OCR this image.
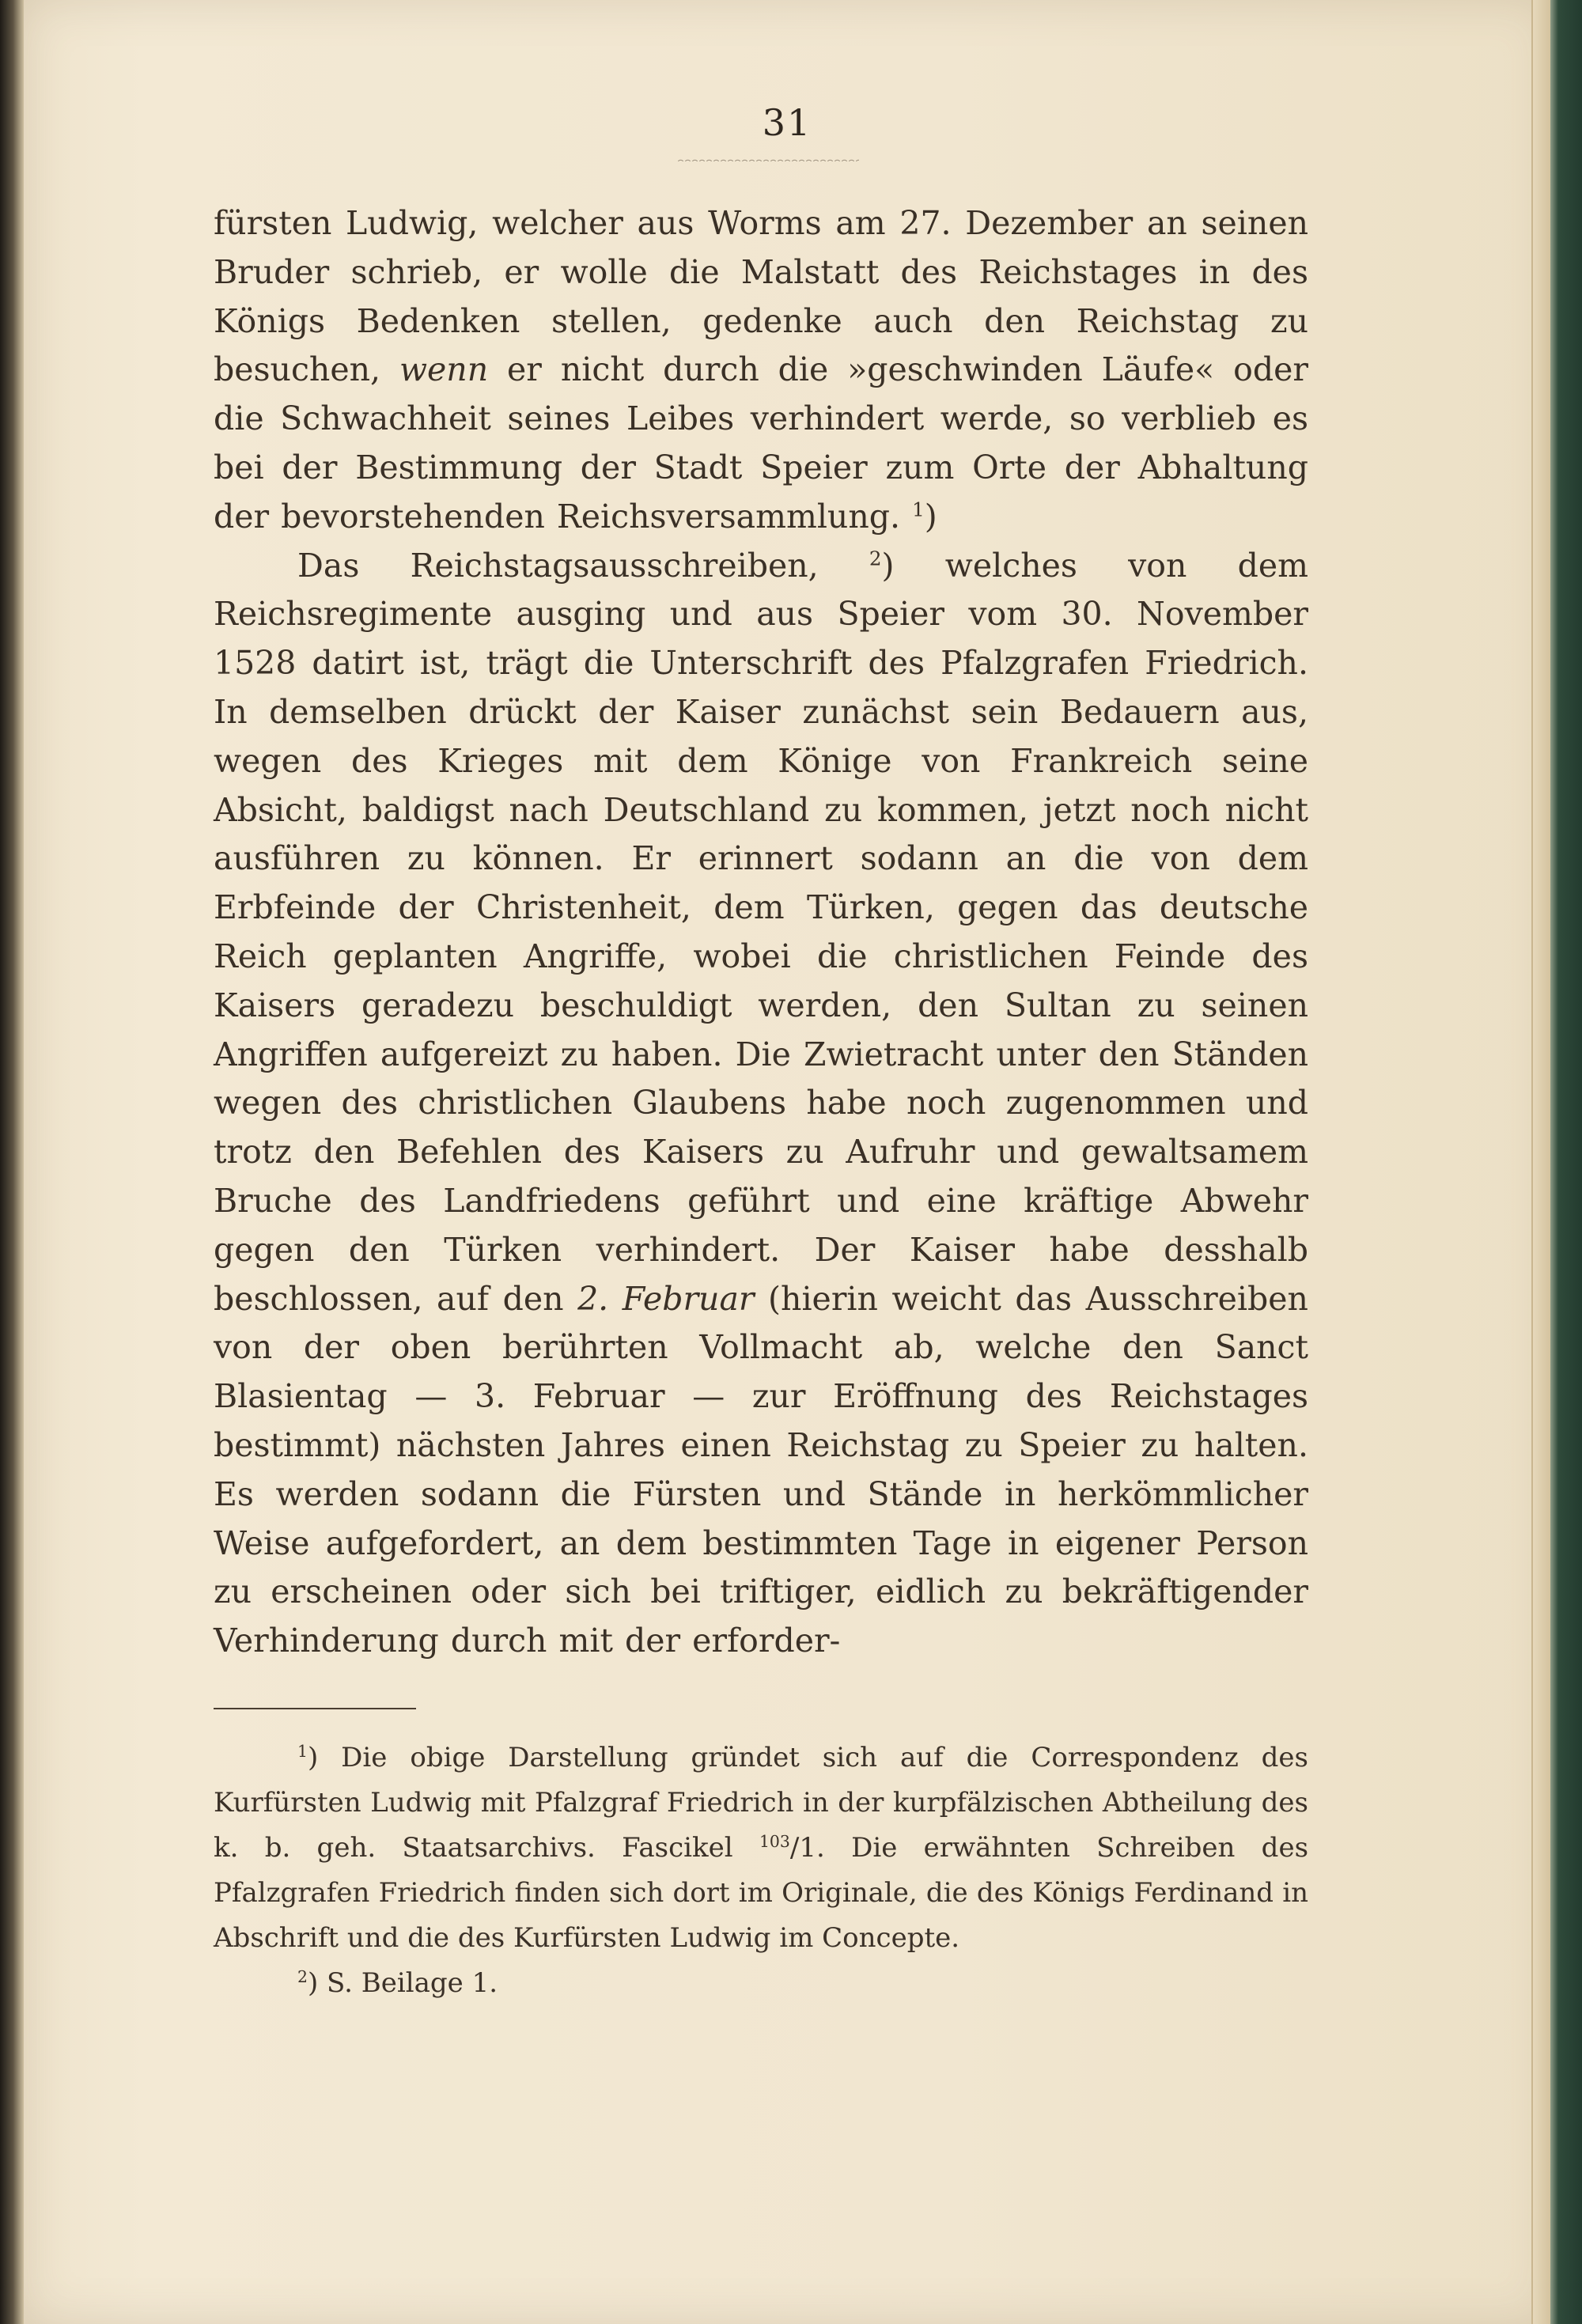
31

fürsten Ludwig, welcher aus Worms am 27. Dezember an seinen Bruder schrieb, er wolle die Malstatt des Reichstages in des Königs Bedenken stellen, gedenke auch den Reichstag zu besuchen, wenn er nicht durch die »geschwinden Läufe« oder die Schwachheit seines Leibes verhindert werde, so verblieb es bei der Bestimmung der Stadt Speier zum Orte der Abhaltung der bevorstehenden Reichsversammlung. $^1$)

Das Reichstagsausschreiben,	$^2$) welches von dem Reichsregimente ausging und aus Speier vom 30. November 1528 datirt ist, trägt die Unterschrift des Pfalzgrafen Friedrich. In demselben drückt der Kaiser zunächst sein Bedauern aus, wegen des Krieges mit dem Könige von Frankreich seine Absicht, baldigst nach Deutschland zu kommen, jetzt noch nicht ausführen zu können. Er erinnert sodann an die von dem Erbfeinde der Christenheit, dem Türken, gegen das deutsche Reich geplanten Angriffe, wobei die christlichen Feinde des Kaisers geradezu beschuldigt werden, den Sultan zu seinen Angriffen aufgereizt zu haben. Die Zwietracht unter den Ständen wegen des christlichen Glaubens habe noch zugenommen und trotz den Befehlen des Kaisers zu Aufruhr und gewaltsamem Bruche des Landfriedens geführt und eine kräftige Abwehr gegen den Türken verhindert. Der Kaiser habe desshalb beschlossen, auf den 2. Februar (hierin weicht das Ausschreiben von der oben berührten Vollmacht ab, welche den Sanct Blasientag — 3. Februar — zur Eröffnung des Reichstages bestimmt) nächsten Jahres einen Reichstag zu Speier zu halten. Es werden sodann die Fürsten und Stände in herkömmlicher Weise aufgefordert, an dem bestimmten Tage in eigener Person zu erscheinen oder sich bei triftiger, eidlich zu bekräftigender Verhinderung durch mit der erforder-

$^1$) Die obige Darstellung gründet sich auf die Correspondenz des Kurfürsten Ludwig mit Pfalzgraf Friedrich in der kurpfälzischen Abtheilung des k. b. geh. Staatsarchivs. Fascikel $^{103}$/1. Die erwähnten Schreiben des Pfalzgrafen Friedrich finden sich dort im Originale, die des Königs Ferdinand in Abschrift und die des Kurfürsten Ludwig im Concepte.

$^2$) S. Beilage 1.
